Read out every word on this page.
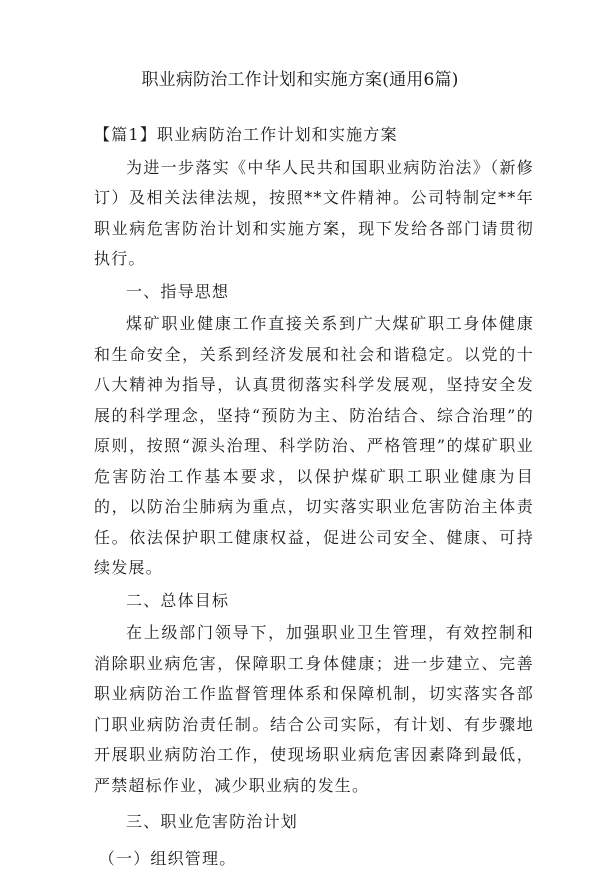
职业病防治工作计划和实施方案(通用6篇)
【篇1】职业病防治工作计划和实施方案

为进一步落实《中华人民共和国职业病防治法》（新修订）及相关法律法规，按照**文件精神。公司特制定**年职业病危害防治计划和实施方案，现下发给各部门请贯彻执行。

一、指导思想

煤矿职业健康工作直接关系到广大煤矿职工身体健康和生命安全，关系到经济发展和社会和谐稳定。以党的十八大精神为指导，认真贯彻落实科学发展观，坚持安全发展的科学理念，坚持“预防为主、防治结合、综合治理”的原则，按照“源头治理、科学防治、严格管理”的煤矿职业危害防治工作基本要求，以保护煤矿职工职业健康为目的，以防治尘肺病为重点，切实落实职业危害防治主体责任。依法保护职工健康权益，促进公司安全、健康、可持续发展。

二、总体目标

在上级部门领导下，加强职业卫生管理，有效控制和消除职业病危害，保障职工身体健康；进一步建立、完善职业病防治工作监督管理体系和保障机制，切实落实各部门职业病防治责任制。结合公司实际，有计划、有步骤地开展职业病防治工作，使现场职业病危害因素降到最低，严禁超标作业，减少职业病的发生。

三、职业危害防治计划
（一）组织管理。
